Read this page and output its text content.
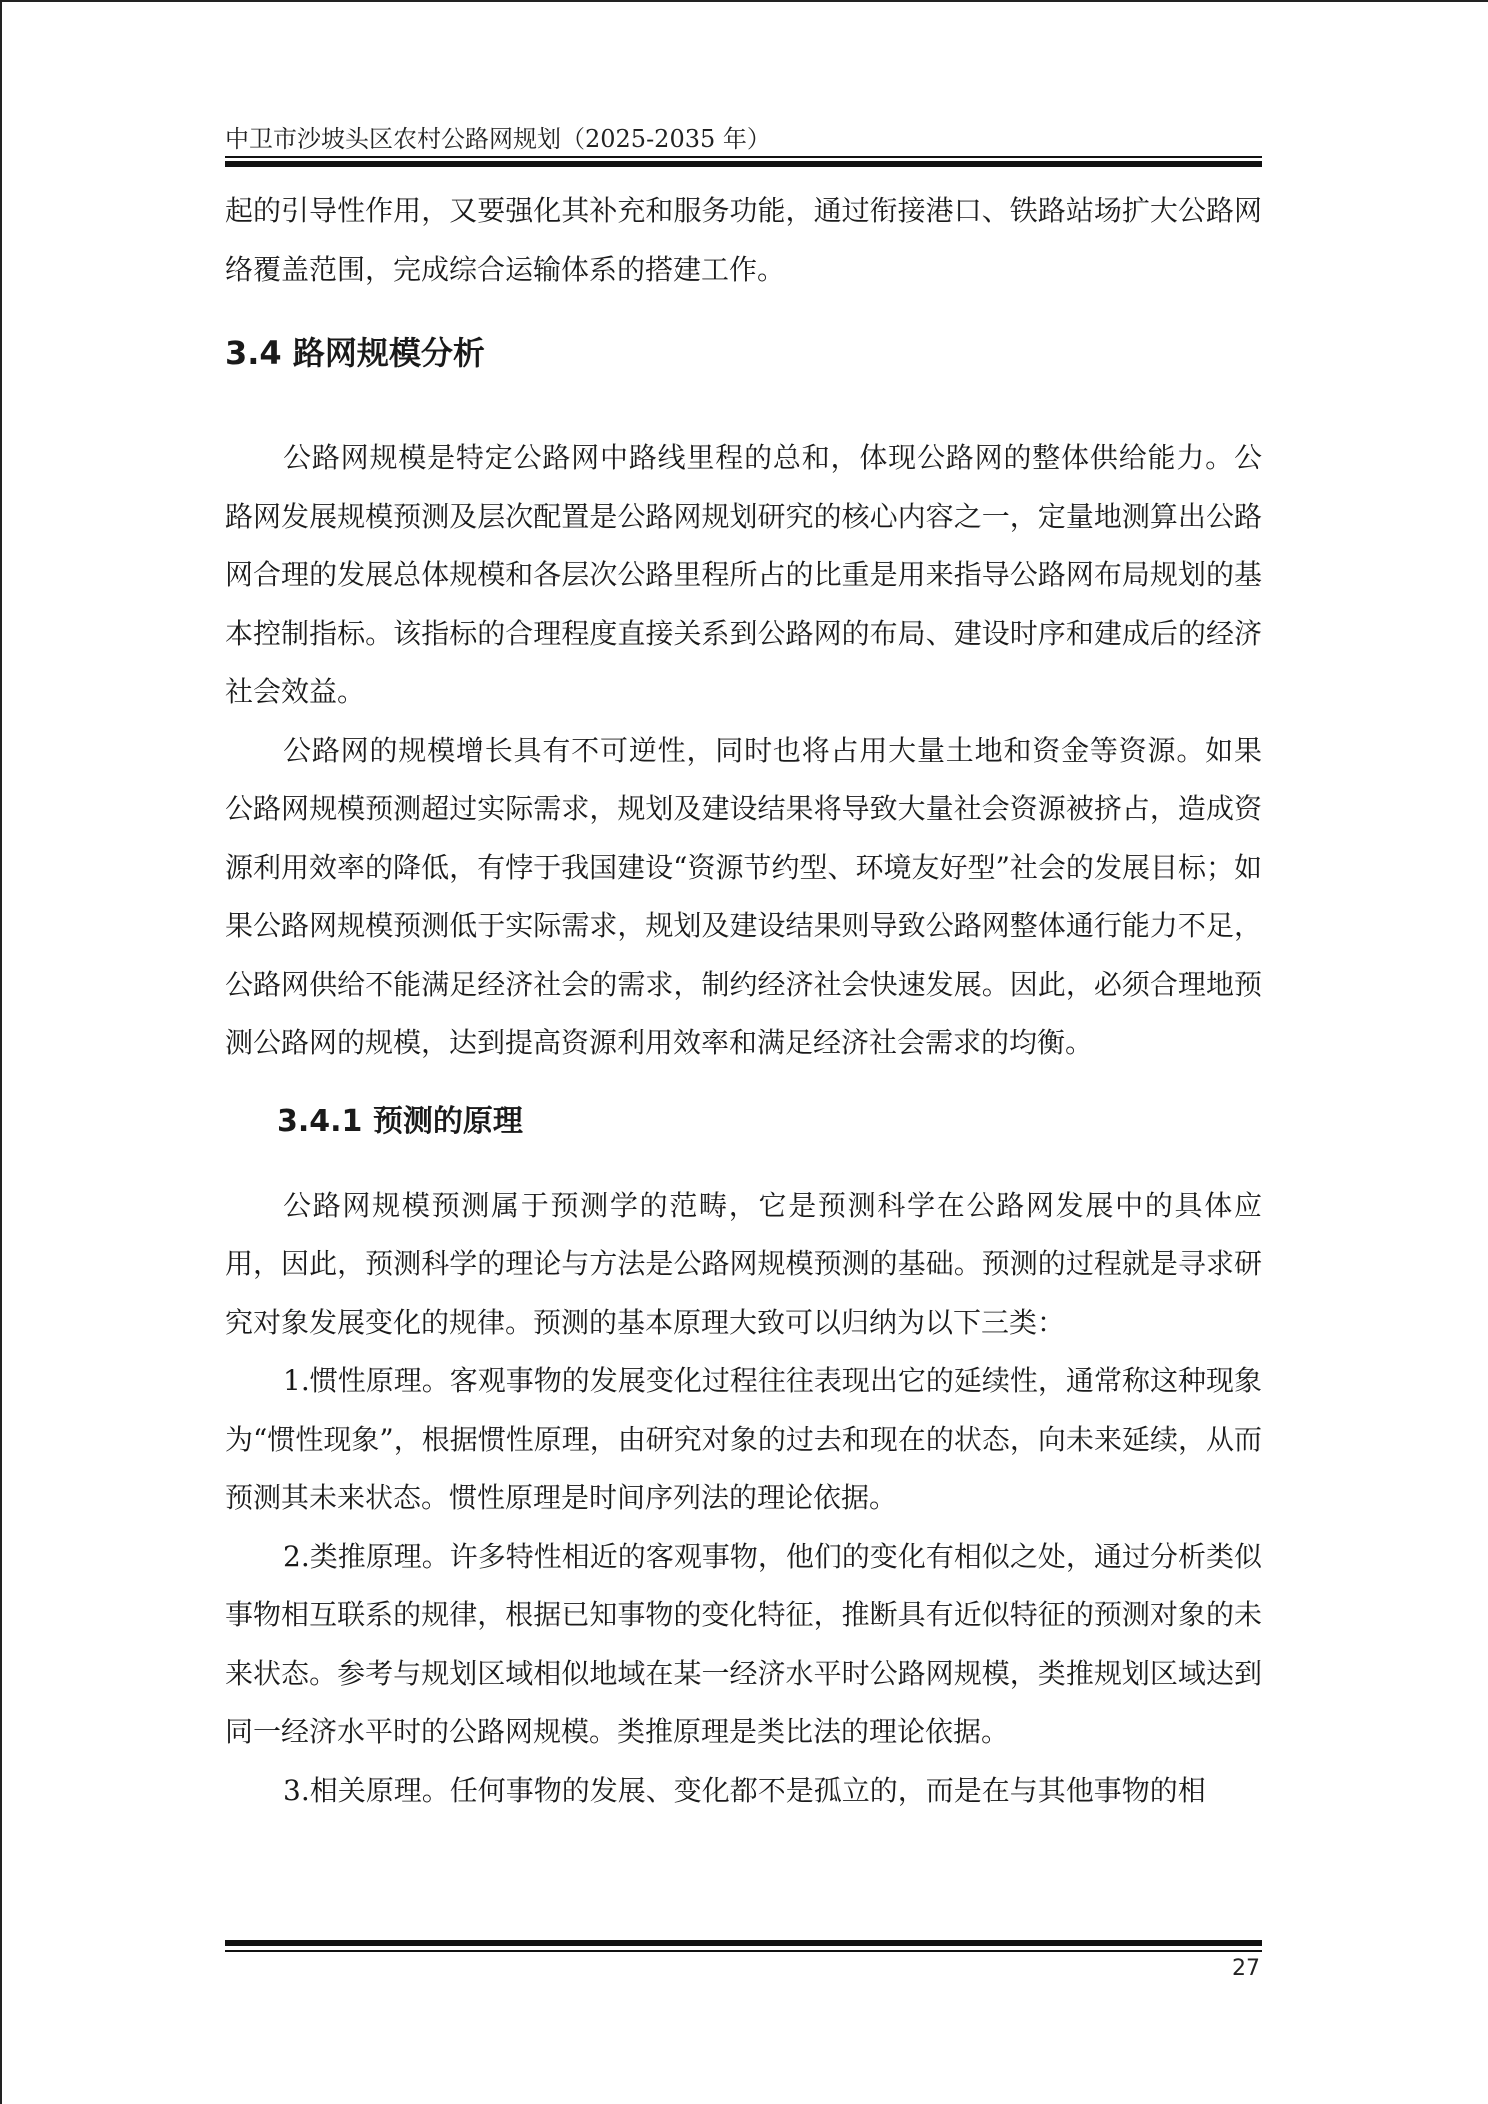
中卫市沙坡头区农村公路网规划（2025-2035 年）

起的引导性作用，又要强化其补充和服务功能，通过衔接港口、铁路站场扩大公路网络覆盖范围，完成综合运输体系的搭建工作。

3.4 路网规模分析

公路网规模是特定公路网中路线里程的总和，体现公路网的整体供给能力。公路网发展规模预测及层次配置是公路网规划研究的核心内容之一，定量地测算出公路网合理的发展总体规模和各层次公路里程所占的比重是用来指导公路网布局规划的基本控制指标。该指标的合理程度直接关系到公路网的布局、建设时序和建成后的经济社会效益。

公路网的规模增长具有不可逆性，同时也将占用大量土地和资金等资源。如果公路网规模预测超过实际需求，规划及建设结果将导致大量社会资源被挤占，造成资源利用效率的降低，有悖于我国建设“资源节约型、环境友好型”社会的发展目标；如果公路网规模预测低于实际需求，规划及建设结果则导致公路网整体通行能力不足，公路网供给不能满足经济社会的需求，制约经济社会快速发展。因此，必须合理地预测公路网的规模，达到提高资源利用效率和满足经济社会需求的均衡。

3.4.1 预测的原理

公路网规模预测属于预测学的范畴，它是预测科学在公路网发展中的具体应用，因此，预测科学的理论与方法是公路网规模预测的基础。预测的过程就是寻求研究对象发展变化的规律。预测的基本原理大致可以归纳为以下三类：

1.惯性原理。客观事物的发展变化过程往往表现出它的延续性，通常称这种现象为“惯性现象”，根据惯性原理，由研究对象的过去和现在的状态，向未来延续，从而预测其未来状态。惯性原理是时间序列法的理论依据。

2.类推原理。许多特性相近的客观事物，他们的变化有相似之处，通过分析类似事物相互联系的规律，根据已知事物的变化特征，推断具有近似特征的预测对象的未来状态。参考与规划区域相似地域在某一经济水平时公路网规模，类推规划区域达到同一经济水平时的公路网规模。类推原理是类比法的理论依据。

3.相关原理。任何事物的发展、变化都不是孤立的，而是在与其他事物的相

27
